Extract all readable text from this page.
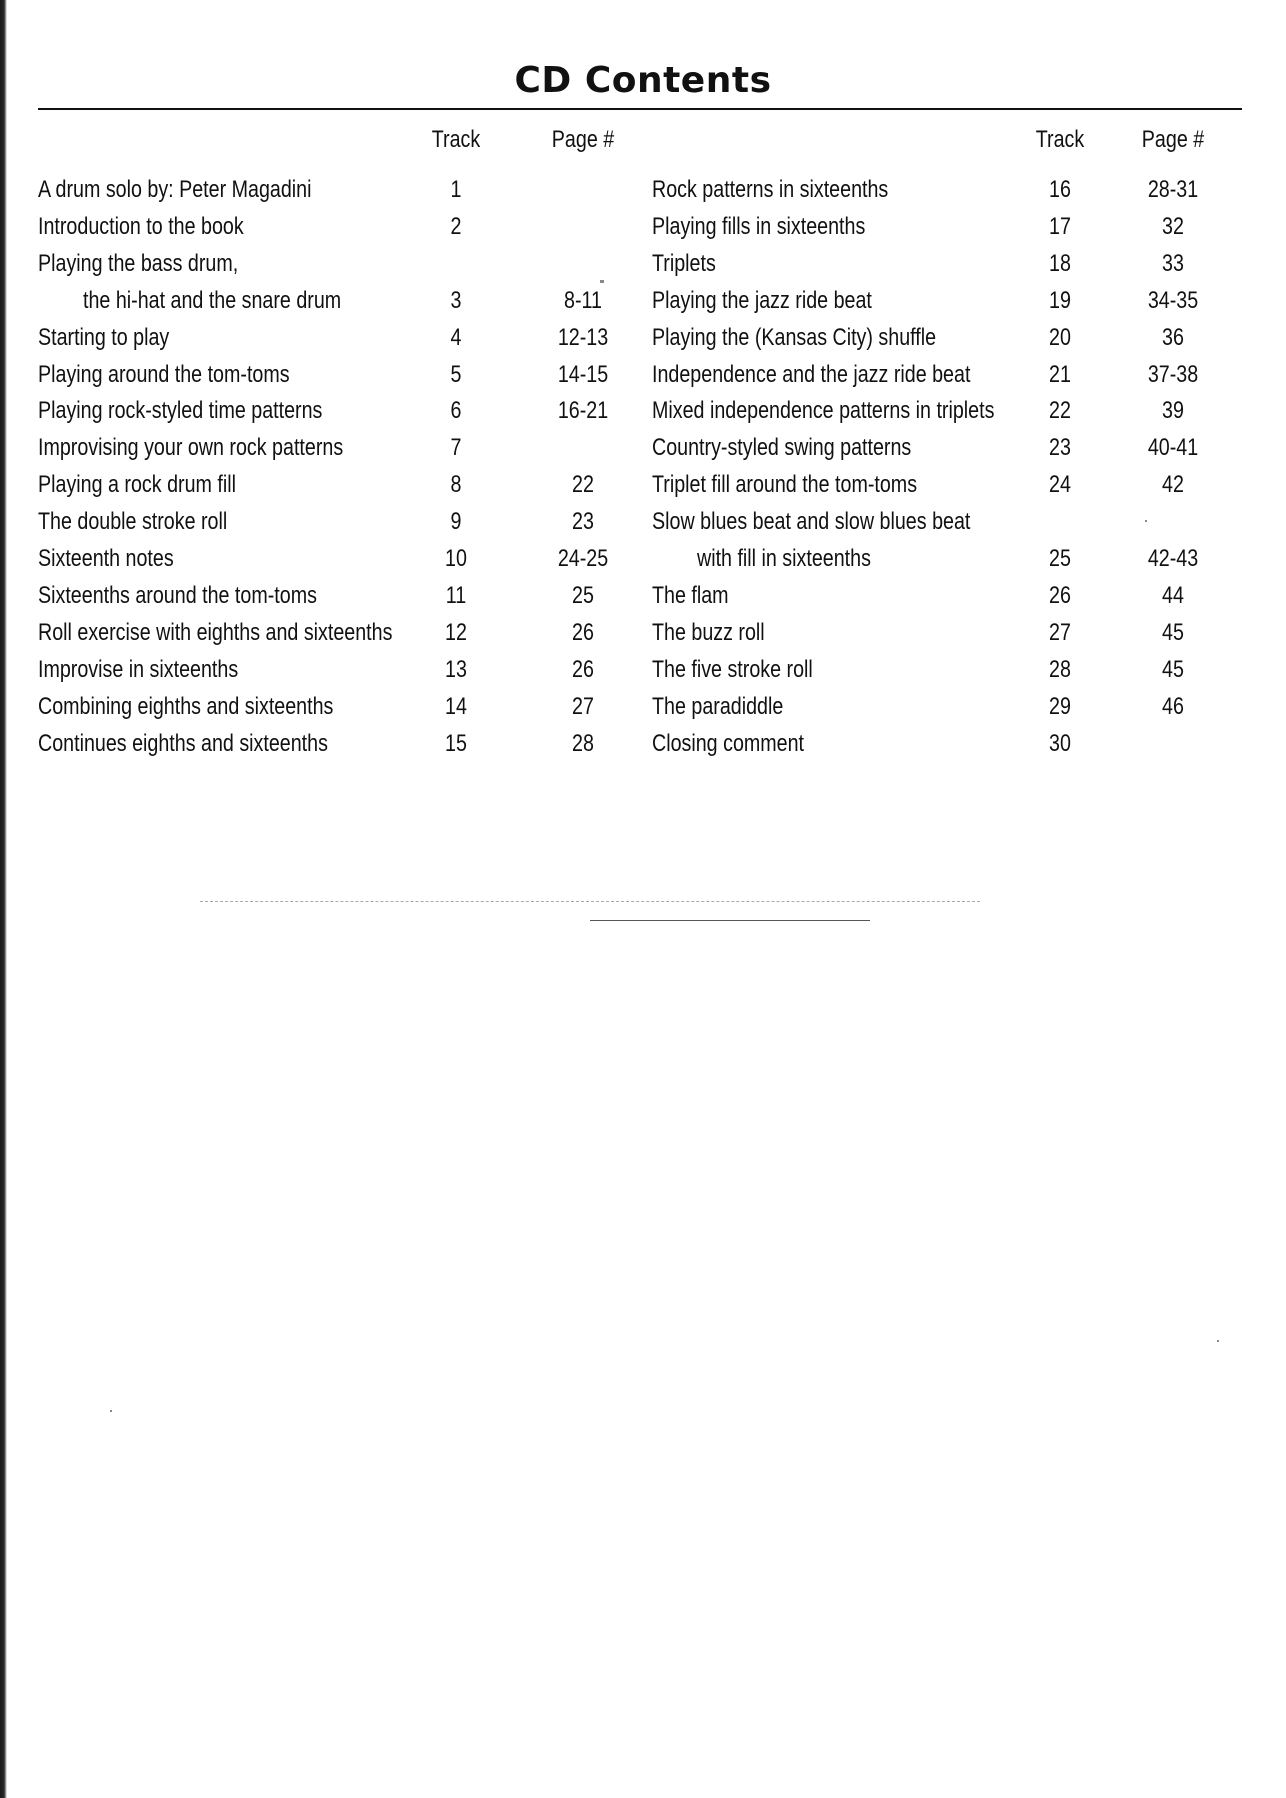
CD Contents
Track	Page #	Track Page #
A drum solo by: Peter Magadini	1
Introduction to the book	2
Playing the bass drum,
the hi-hat and the snare drum	3	8-11
Starting to play	4	12-13
Playing around the tom-toms	5	14-15
Playing rock-styled time patterns	6	16-21
Improvising your own rock patterns	7
Playing a rock drum fill	8	22
The double stroke roll	9	23
Sixteenth notes	10	24-25
Sixteenths around the tom-toms	11	25
Roll exercise with eighths and sixteenths	12	26
Improvise in sixteenths	13	26
Combining eighths and sixteenths	14	27
Continues eighths and sixteenths	15	28
Rock patterns in sixteenths	16	28-31
Playing fills in sixteenths	17	32
Triplets	18	33
Playing the jazz ride beat	19	34-35
Playing the (Kansas City) shuffle	20	36
Independence and the jazz ride beat	21	37-38
Mixed independence patterns in triplets	22	39
Country-styled swing patterns	23	40-41
Triplet fill around the tom-toms	24	42
Slow blues beat and slow blues beat
with fill in sixteenths	25	42-43
The flam	26	44
The buzz roll	27	45
The five stroke roll	28	45
The paradiddle	29	46
Closing comment	30
